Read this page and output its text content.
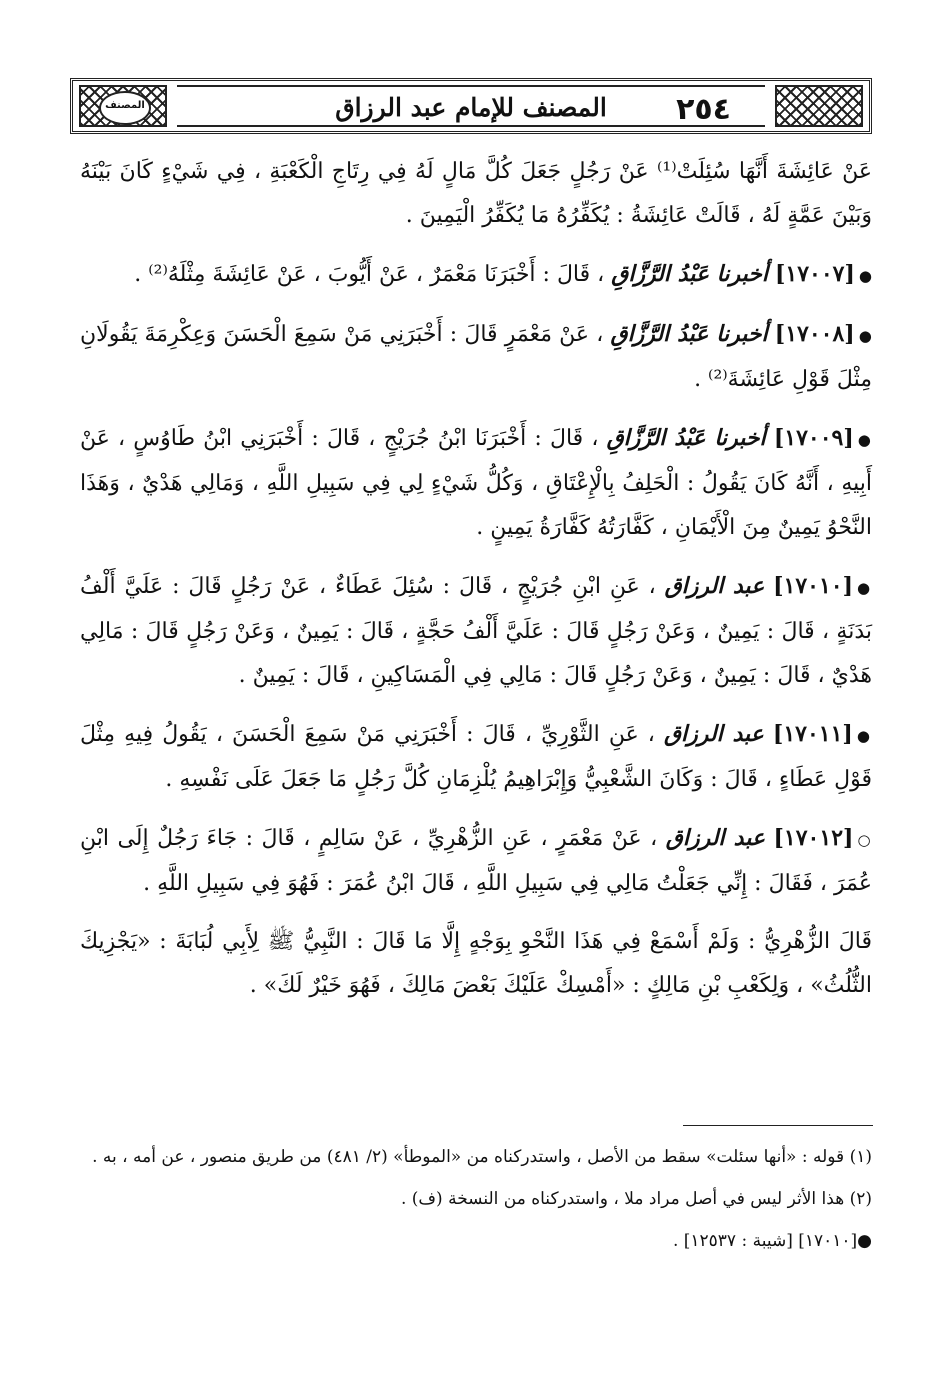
المصنف	المصنف للإمام عبد الرزاق	٢٥٤

عَنْ عَائِشَةَ أَنَّهَا سُئِلَتْ⁽¹⁾ عَنْ رَجُلٍ جَعَلَ كُلَّ مَالٍ لَهُ فِي رِتَاجِ الْكَعْبَةِ ، فِي شَيْءٍ كَانَ بَيْنَهُ وَبَيْنَ عَمَّةٍ لَهُ ، قَالَتْ عَائِشَةُ : يُكَفِّرُهُ مَا يُكَفِّرُ الْيَمِينَ .

●[١٧٠٠٧] أخبرنا عَبْدُ الرَّزَّاقِ ، قَالَ : أَخْبَرَنَا مَعْمَرٌ ، عَنْ أَيُّوبَ ، عَنْ عَائِشَةَ مِثْلَهُ⁽²⁾ .

●[١٧٠٠٨] أخبرنا عَبْدُ الرَّزَّاقِ ، عَنْ مَعْمَرٍ قَالَ : أَخْبَرَنِي مَنْ سَمِعَ الْحَسَنَ وَعِكْرِمَةَ يَقُولَانِ مِثْلَ قَوْلِ عَائِشَةَ⁽²⁾ .

●[١٧٠٠٩] أخبرنا عَبْدُ الرَّزَّاقِ ، قَالَ : أَخْبَرَنَا ابْنُ جُرَيْجٍ ، قَالَ : أَخْبَرَنِي ابْنُ طَاوُسٍ ، عَنْ أَبِيهِ ، أَنَّهُ كَانَ يَقُولُ : الْحَلِفُ بِالْإِعْتَاقِ ، وَكُلُّ شَيْءٍ لِي فِي سَبِيلِ اللَّهِ ، وَمَالِي هَدْيٌ ، وَهَذَا النَّحْوُ يَمِينٌ مِنَ الْأَيْمَانِ ، كَفَّارَتُهُ كَفَّارَةُ يَمِينٍ .

●[١٧٠١٠] عبد الرزاق ، عَنِ ابْنِ جُرَيْجٍ ، قَالَ : سُئِلَ عَطَاءٌ ، عَنْ رَجُلٍ قَالَ : عَلَيَّ أَلْفُ بَدَنَةٍ ، قَالَ : يَمِينٌ ، وَعَنْ رَجُلٍ قَالَ : عَلَيَّ أَلْفُ حَجَّةٍ ، قَالَ : يَمِينٌ ، وَعَنْ رَجُلٍ قَالَ : مَالِي هَدْيٌ ، قَالَ : يَمِينٌ ، وَعَنْ رَجُلٍ قَالَ : مَالِي فِي الْمَسَاكِينِ ، قَالَ : يَمِينٌ .

●[١٧٠١١] عبد الرزاق ، عَنِ الثَّوْرِيِّ ، قَالَ : أَخْبَرَنِي مَنْ سَمِعَ الْحَسَنَ ، يَقُولُ فِيهِ مِثْلَ قَوْلِ عَطَاءٍ ، قَالَ : وَكَانَ الشَّعْبِيُّ وَإِبْرَاهِيمُ يُلْزِمَانِ كُلَّ رَجُلٍ مَا جَعَلَ عَلَى نَفْسِهِ .

○[١٧٠١٢] عبد الرزاق ، عَنْ مَعْمَرٍ ، عَنِ الزُّهْرِيِّ ، عَنْ سَالِمٍ ، قَالَ : جَاءَ رَجُلٌ إِلَى ابْنِ عُمَرَ ، فَقَالَ : إِنِّي جَعَلْتُ مَالِي فِي سَبِيلِ اللَّهِ ، قَالَ ابْنُ عُمَرَ : فَهُوَ فِي سَبِيلِ اللَّهِ .

قَالَ الزُّهْرِيُّ : وَلَمْ أَسْمَعْ فِي هَذَا النَّحْوِ بِوَجْهٍ إِلَّا مَا قَالَ : النَّبِيُّ ﷺ لِأَبِي لُبَابَةَ : «يَجْزِيكَ الثُّلُثُ» ، وَلِكَعْبِ بْنِ مَالِكٍ : «أَمْسِكْ عَلَيْكَ بَعْضَ مَالِكَ ، فَهُوَ خَيْرٌ لَكَ» .

(١) قوله : «أنها سئلت» سقط من الأصل ، واستدركناه من «الموطأ» (٢/ ٤٨١) من طريق منصور ، عن أمه ، به .

(٢) هذا الأثر ليس في أصل مراد ملا ، واستدركناه من النسخة (ف) .

●[١٧٠١٠] [شيبة : ١٢٥٣٧] .
